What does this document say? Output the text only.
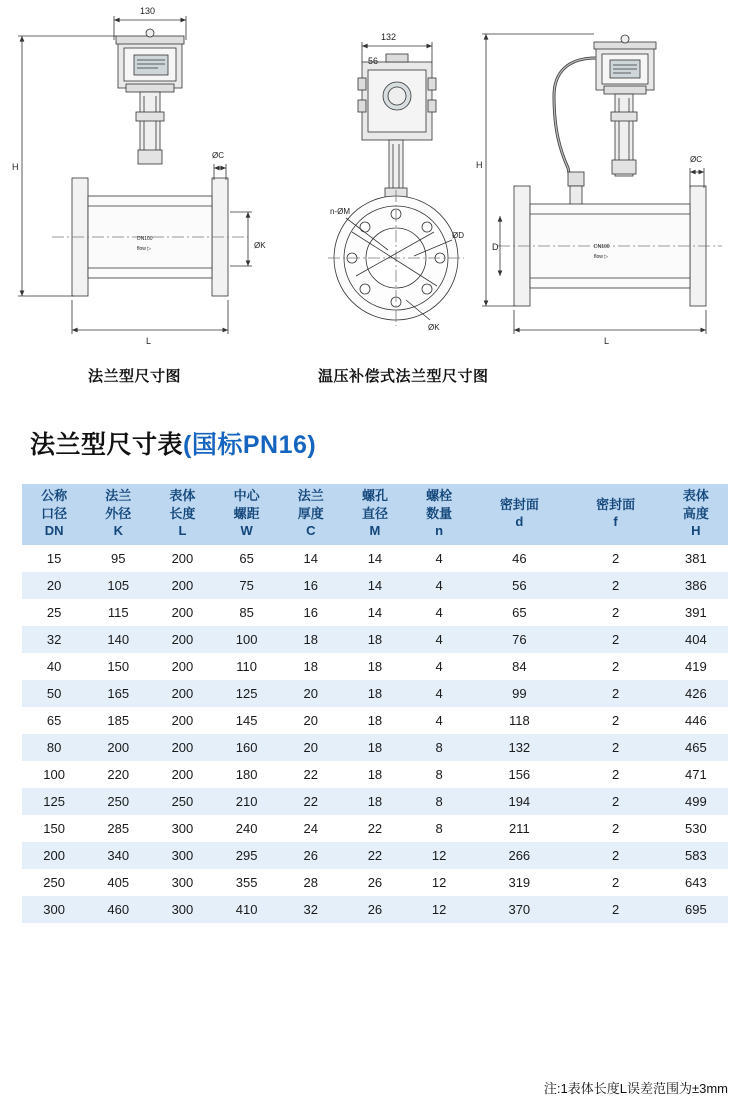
DN100
flow ▷	DN100
flow ▷
130
H
L
ØC
ØK
132
56
n-ØM
ØD
ØK
H
D
L
ØC
法兰型尺寸图	温压补偿式法兰型尺寸图
法兰型尺寸表(国标PN16)
公称
口径
DN	法兰
外径
K	表体
长度
L	中心
螺距
W	法兰
厚度
C	螺孔
直径
M	螺栓
数量
n	密封面
d	密封面
f	表体
高度
H

15	95	200	65	14	14	4	46	2	381
20	105	200	75	16	14	4	56	2	386
25	115	200	85	16	14	4	65	2	391
32	140	200	100	18	18	4	76	2	404
40	150	200	110	18	18	4	84	2	419
50	165	200	125	20	18	4	99	2	426
65	185	200	145	20	18	4	118	2	446
80	200	200	160	20	18	8	132	2	465
100	220	200	180	22	18	8	156	2	471
125	250	250	210	22	18	8	194	2	499
150	285	300	240	24	22	8	211	2	530
200	340	300	295	26	22	12	266	2	583
250	405	300	355	28	26	12	319	2	643
300	460	300	410	32	26	12	370	2	695
注:1表体长度L误差范围为±3mm
